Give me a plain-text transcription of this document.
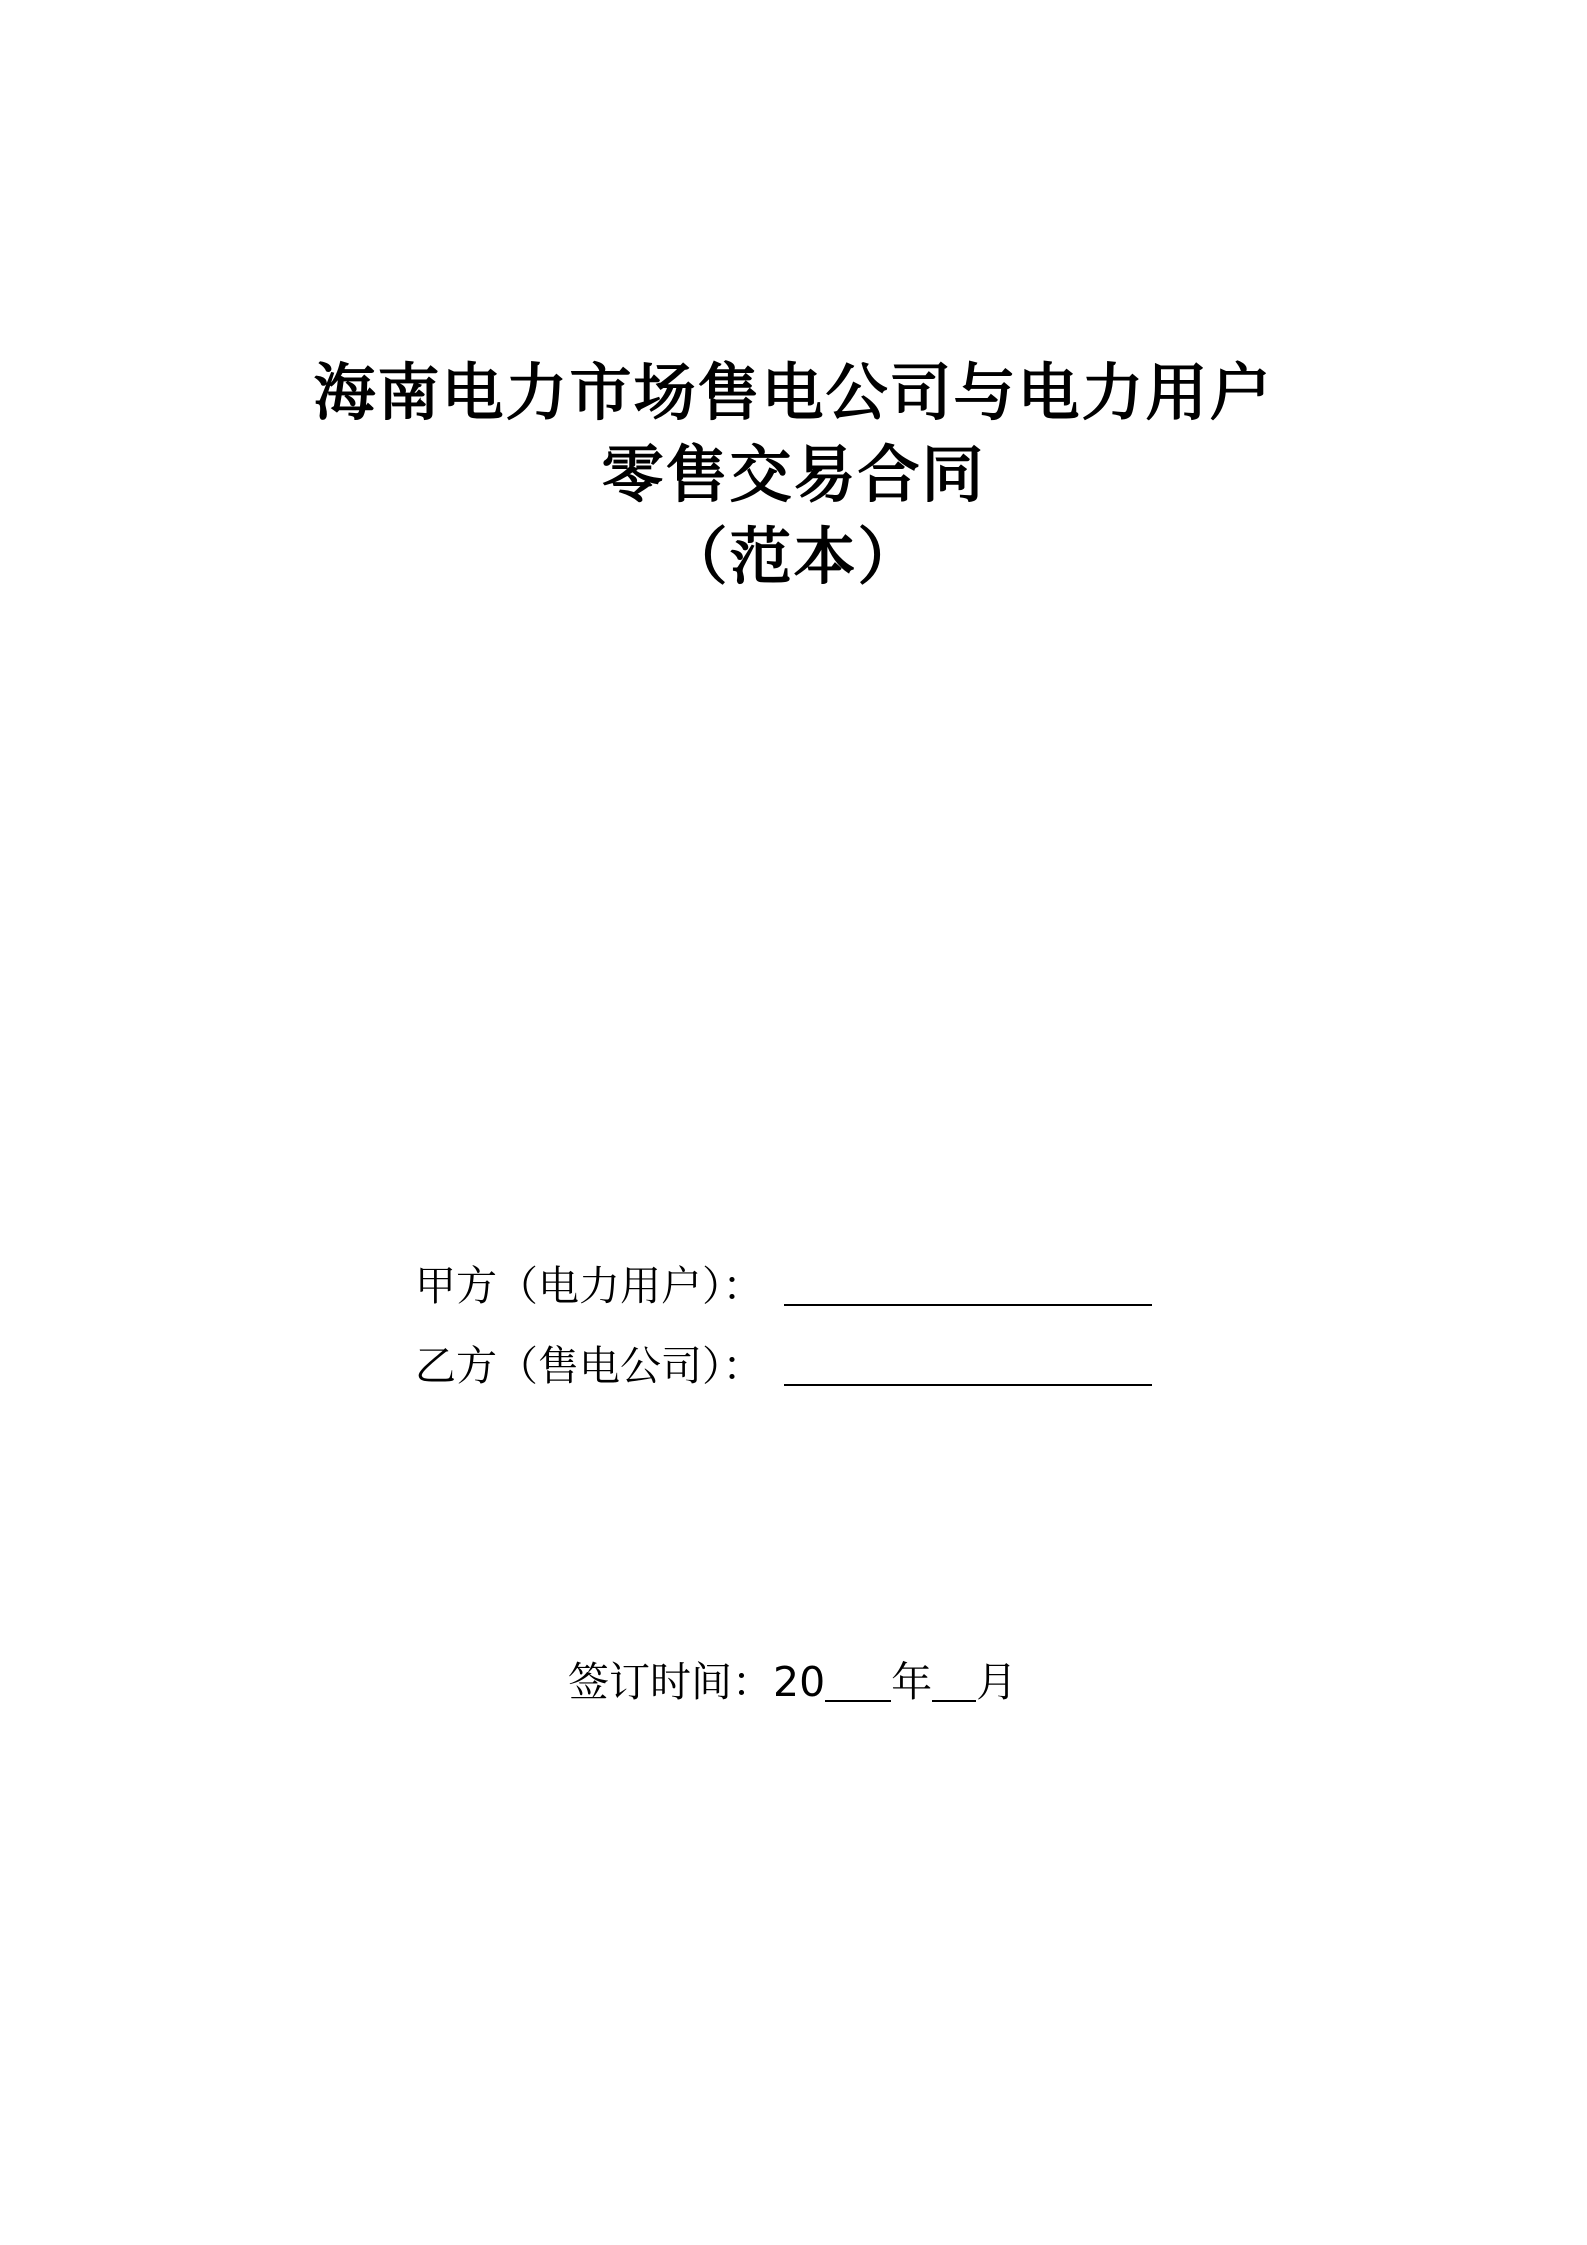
海南电力市场售电公司与电力用户
零售交易合同
（范本）
甲方（电力用户）：
乙方（售电公司）：
签订时间： 20 年 月
